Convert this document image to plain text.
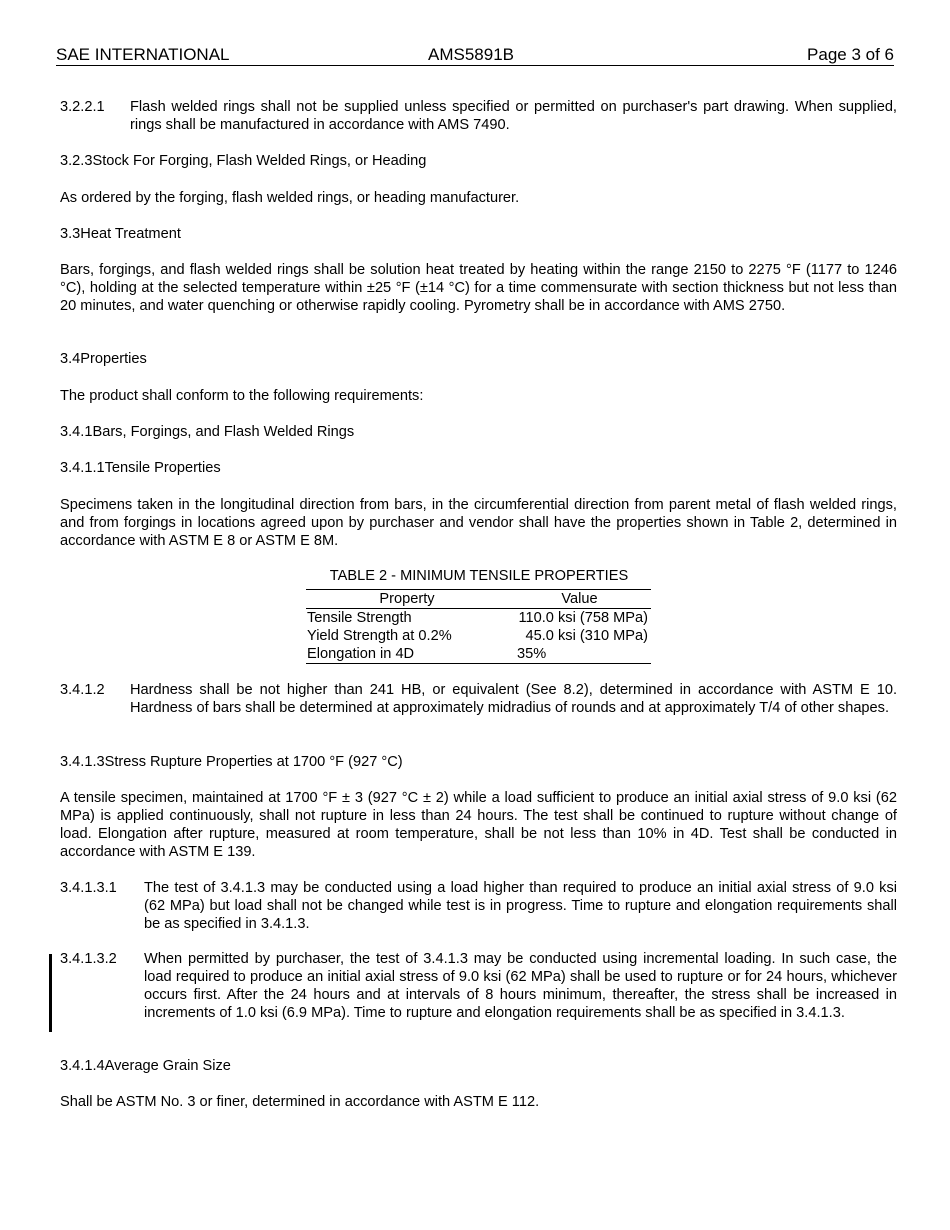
SAE INTERNATIONAL	AMS5891B	Page 3 of 6
3.2.2.1	Flash welded rings shall not be supplied unless specified or permitted on purchaser's part drawing. When supplied, rings shall be manufactured in accordance with AMS 7490.
3.2.3Stock For Forging, Flash Welded Rings, or Heading
As ordered by the forging, flash welded rings, or heading manufacturer.
3.3Heat Treatment
Bars, forgings, and flash welded rings shall be solution heat treated by heating within the range 2150 to 2275 °F (1177 to 1246 °C), holding at the selected temperature within ±25 °F (±14 °C) for a time commensurate with section thickness but not less than 20 minutes, and water quenching or otherwise rapidly cooling. Pyrometry shall be in accordance with AMS 2750.
3.4Properties
The product shall conform to the following requirements:
3.4.1Bars, Forgings, and Flash Welded Rings
3.4.1.1Tensile Properties
Specimens taken in the longitudinal direction from bars, in the circumferential direction from parent metal of flash welded rings, and from forgings in locations agreed upon by purchaser and vendor shall have the properties shown in Table 2, determined in accordance with ASTM E 8 or ASTM E 8M.
TABLE 2 - MINIMUM TENSILE PROPERTIES
Property	Value
Tensile Strength	110.0 ksi (758 MPa)
Yield Strength at 0.2%	45.0 ksi (310 MPa)
Elongation in 4D	35%
3.4.1.2	Hardness shall be not higher than 241 HB, or equivalent (See 8.2), determined in accordance with ASTM E 10. Hardness of bars shall be determined at approximately midradius of rounds and at approximately T/4 of other shapes.
3.4.1.3Stress Rupture Properties at 1700 °F (927 °C)
A tensile specimen, maintained at 1700 °F ± 3 (927 °C ± 2) while a load sufficient to produce an initial axial stress of 9.0 ksi (62 MPa) is applied continuously, shall not rupture in less than 24 hours. The test shall be continued to rupture without change of load. Elongation after rupture, measured at room temperature, shall be not less than 10% in 4D. Test shall be conducted in accordance with ASTM E 139.
3.4.1.3.1	The test of 3.4.1.3 may be conducted using a load higher than required to produce an initial axial stress of 9.0 ksi (62 MPa) but load shall not be changed while test is in progress. Time to rupture and elongation requirements shall be as specified in 3.4.1.3.
3.4.1.3.2	When permitted by purchaser, the test of 3.4.1.3 may be conducted using incremental loading. In such case, the load required to produce an initial axial stress of 9.0 ksi (62 MPa) shall be used to rupture or for 24 hours, whichever occurs first. After the 24 hours and at intervals of 8 hours minimum, thereafter, the stress shall be increased in increments of 1.0 ksi (6.9 MPa). Time to rupture and elongation requirements shall be as specified in 3.4.1.3.
3.4.1.4Average Grain Size
Shall be ASTM No. 3 or finer, determined in accordance with ASTM E 112.
